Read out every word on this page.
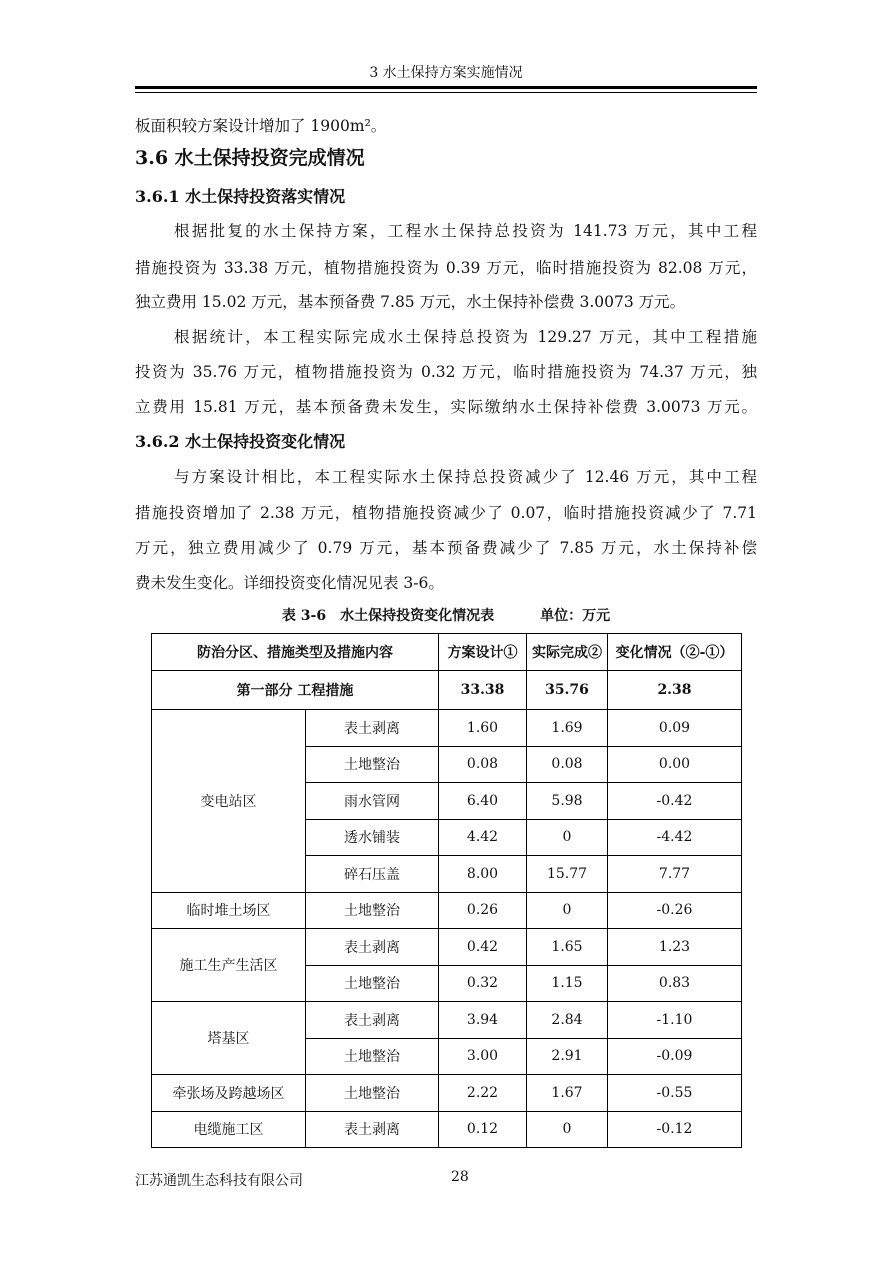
3 水土保持方案实施情况
板面积较方案设计增加了 1900m²。
3.6 水土保持投资完成情况
3.6.1 水土保持投资落实情况
根据批复的水土保持方案，工程水土保持总投资为 141.73 万元，其中工程
措施投资为 33.38 万元，植物措施投资为 0.39 万元，临时措施投资为 82.08 万元，
独立费用 15.02 万元，基本预备费 7.85 万元，水土保持补偿费 3.0073 万元。
根据统计，本工程实际完成水土保持总投资为 129.27 万元，其中工程措施
投资为 35.76 万元，植物措施投资为 0.32 万元，临时措施投资为 74.37 万元，独
立费用 15.81 万元，基本预备费未发生，实际缴纳水土保持补偿费 3.0073 万元。
3.6.2 水土保持投资变化情况
与方案设计相比，本工程实际水土保持总投资减少了 12.46 万元，其中工程
措施投资增加了 2.38 万元，植物措施投资减少了 0.07，临时措施投资减少了 7.71
万元，独立费用减少了 0.79 万元，基本预备费减少了 7.85 万元，水土保持补偿
费未发生变化。详细投资变化情况见表 3-6。
表 3-6　水土保持投资变化情况表	单位：万元
防治分区、措施类型及措施内容		方案设计①	实际完成②	变化情况（②-①）
第一部分 工程措施		33.38	35.76	2.38
变电站区	表土剥离	1.60	1.69	0.09
	土地整治	0.08	0.08	0.00
	雨水管网	6.40	5.98	-0.42
	透水铺装	4.42	0	-4.42
	碎石压盖	8.00	15.77	7.77
临时堆土场区	土地整治	0.26	0	-0.26
施工生产生活区	表土剥离	0.42	1.65	1.23
	土地整治	0.32	1.15	0.83
塔基区	表土剥离	3.94	2.84	-1.10
	土地整治	3.00	2.91	-0.09
牵张场及跨越场区	土地整治	2.22	1.67	-0.55
电缆施工区	表土剥离	0.12	0	-0.12
江苏通凯生态科技有限公司	28
